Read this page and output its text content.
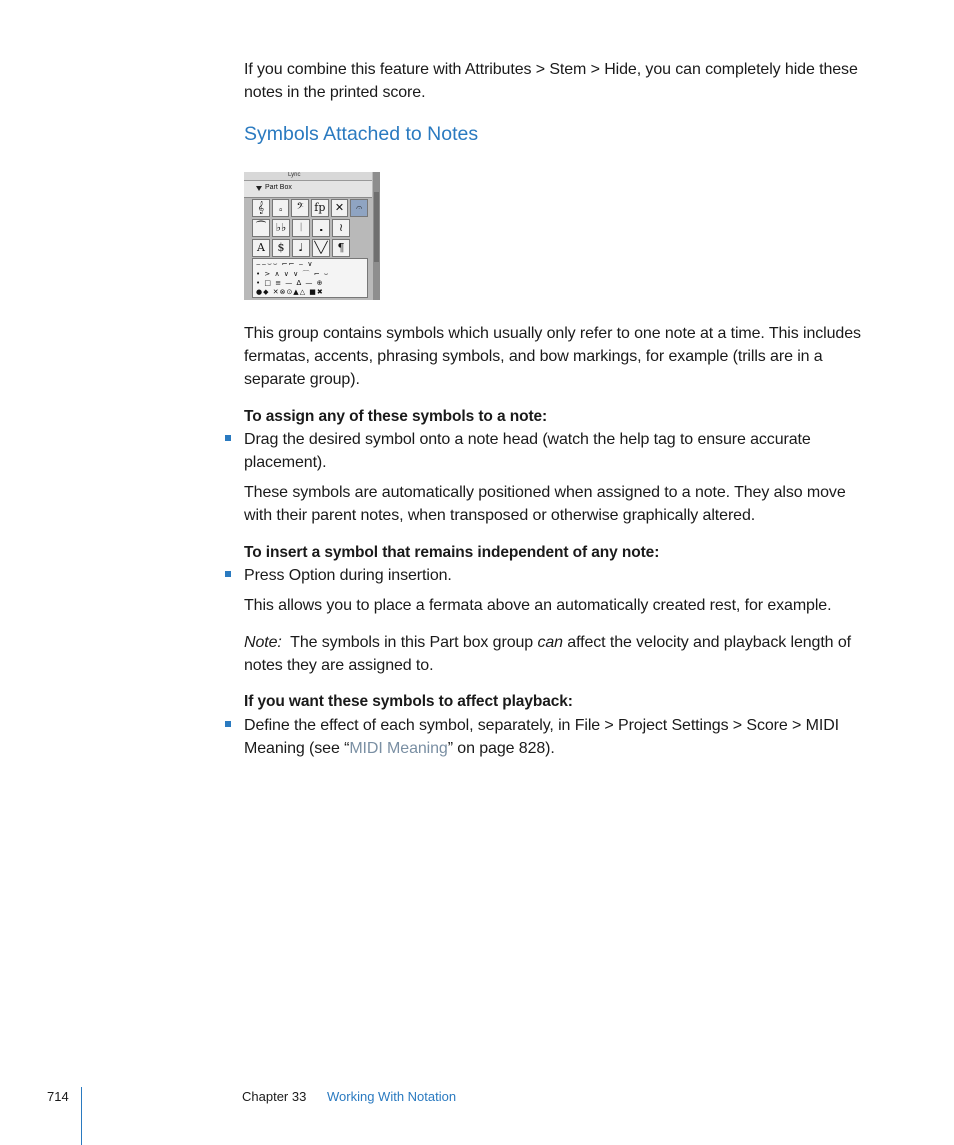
If you combine this feature with Attributes > Stem > Hide, you can completely hide these notes in the printed score.

Symbols Attached to Notes
Lyric
Part Box
𝄞	𝅆	𝄢 fp ✕	𝄐
⁀ ♭♭	𝄀	𝅇	≀
A	$	♩ ╲╱ ¶
⌢⌢⌣⌣ ⌐⌐ ⌢ ∨
• > ∧ ∨ ∨ ⌒ ⌐ ⌣
• □ ≡ — ∆ — ⊕
●◆ ✕⊗⊙▲△ ■✖

This group contains symbols which usually only refer to one note at a time. This includes fermatas, accents, phrasing symbols, and bow markings, for example (trills are in a separate group).

To assign any of these symbols to a note:

Drag the desired symbol onto a note head (watch the help tag to ensure accurate placement).

These symbols are automatically positioned when assigned to a note. They also move with their parent notes, when transposed or otherwise graphically altered.

To insert a symbol that remains independent of any note:

Press Option during insertion.

This allows you to place a fermata above an automatically created rest, for example.

Note:  The symbols in this Part box group can affect the velocity and playback length of notes they are assigned to.

If you want these symbols to affect playback:

Define the effect of each symbol, separately, in File > Project Settings > Score > MIDI Meaning (see “MIDI Meaning” on page 828).

714	Chapter 33 Working With Notation
